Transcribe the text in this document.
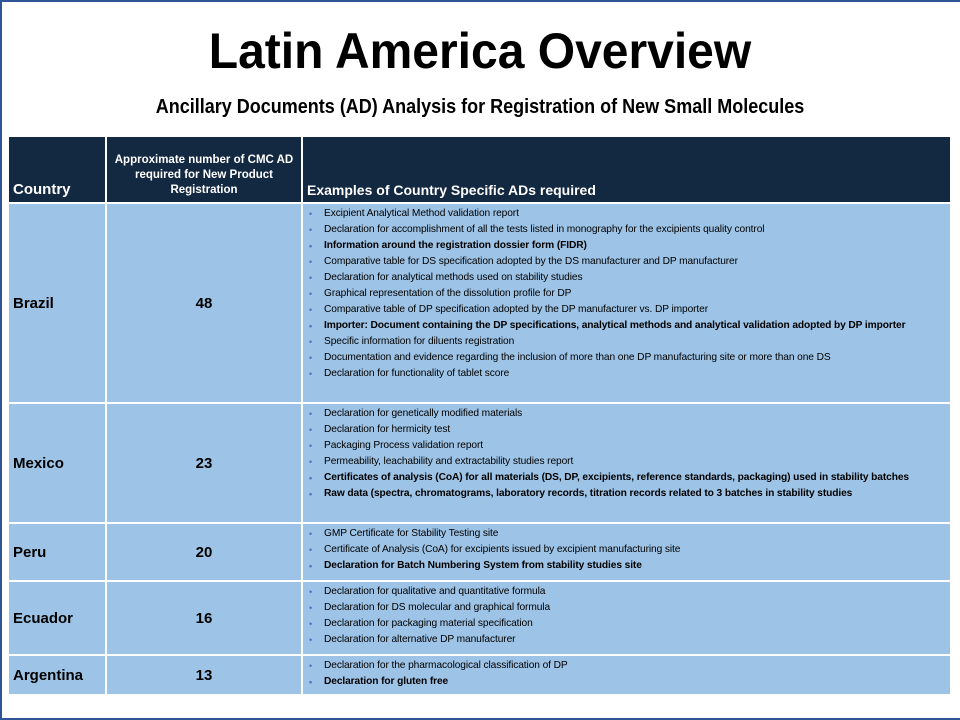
Latin America Overview
Ancillary Documents (AD) Analysis for Registration of New Small Molecules
Country	Approximate number of CMC AD required for New Product Registration	Examples of Country Specific ADs required
Brazil	48	
• Excipient Analytical Method validation report
• Declaration for accomplishment of all the tests listed in monography for the excipients quality control
• Information around the registration dossier form (FIDR)
• Comparative table for DS specification adopted by the DS manufacturer and DP manufacturer
• Declaration for analytical methods used on stability studies
• Graphical representation of the dissolution profile for DP
• Comparative table of DP specification adopted by the DP manufacturer vs. DP importer
• Importer: Document containing the DP specifications, analytical methods and analytical validation adopted by DP importer
• Specific information for diluents registration
• Documentation and evidence regarding the inclusion of more than one DP manufacturing site or more than one DS
• Declaration for functionality of tablet score

Mexico	23	
• Declaration for genetically modified materials
• Declaration for hermicity test
• Packaging Process validation report
• Permeability, leachability and extractability studies report
• Certificates of analysis (CoA) for all materials (DS, DP, excipients, reference standards, packaging) used in stability batches
• Raw data (spectra, chromatograms, laboratory records, titration records related to 3 batches in stability studies

Peru	20	
• GMP Certificate for Stability Testing site
• Certificate of Analysis (CoA) for excipients issued by excipient manufacturing site
• Declaration for Batch Numbering System from stability studies site

Ecuador	16	
• Declaration for qualitative and quantitative formula
• Declaration for DS molecular and graphical formula
• Declaration for packaging material specification
• Declaration for alternative DP manufacturer

Argentina	13	
• Declaration for the pharmacological classification of DP
• Declaration for gluten free
